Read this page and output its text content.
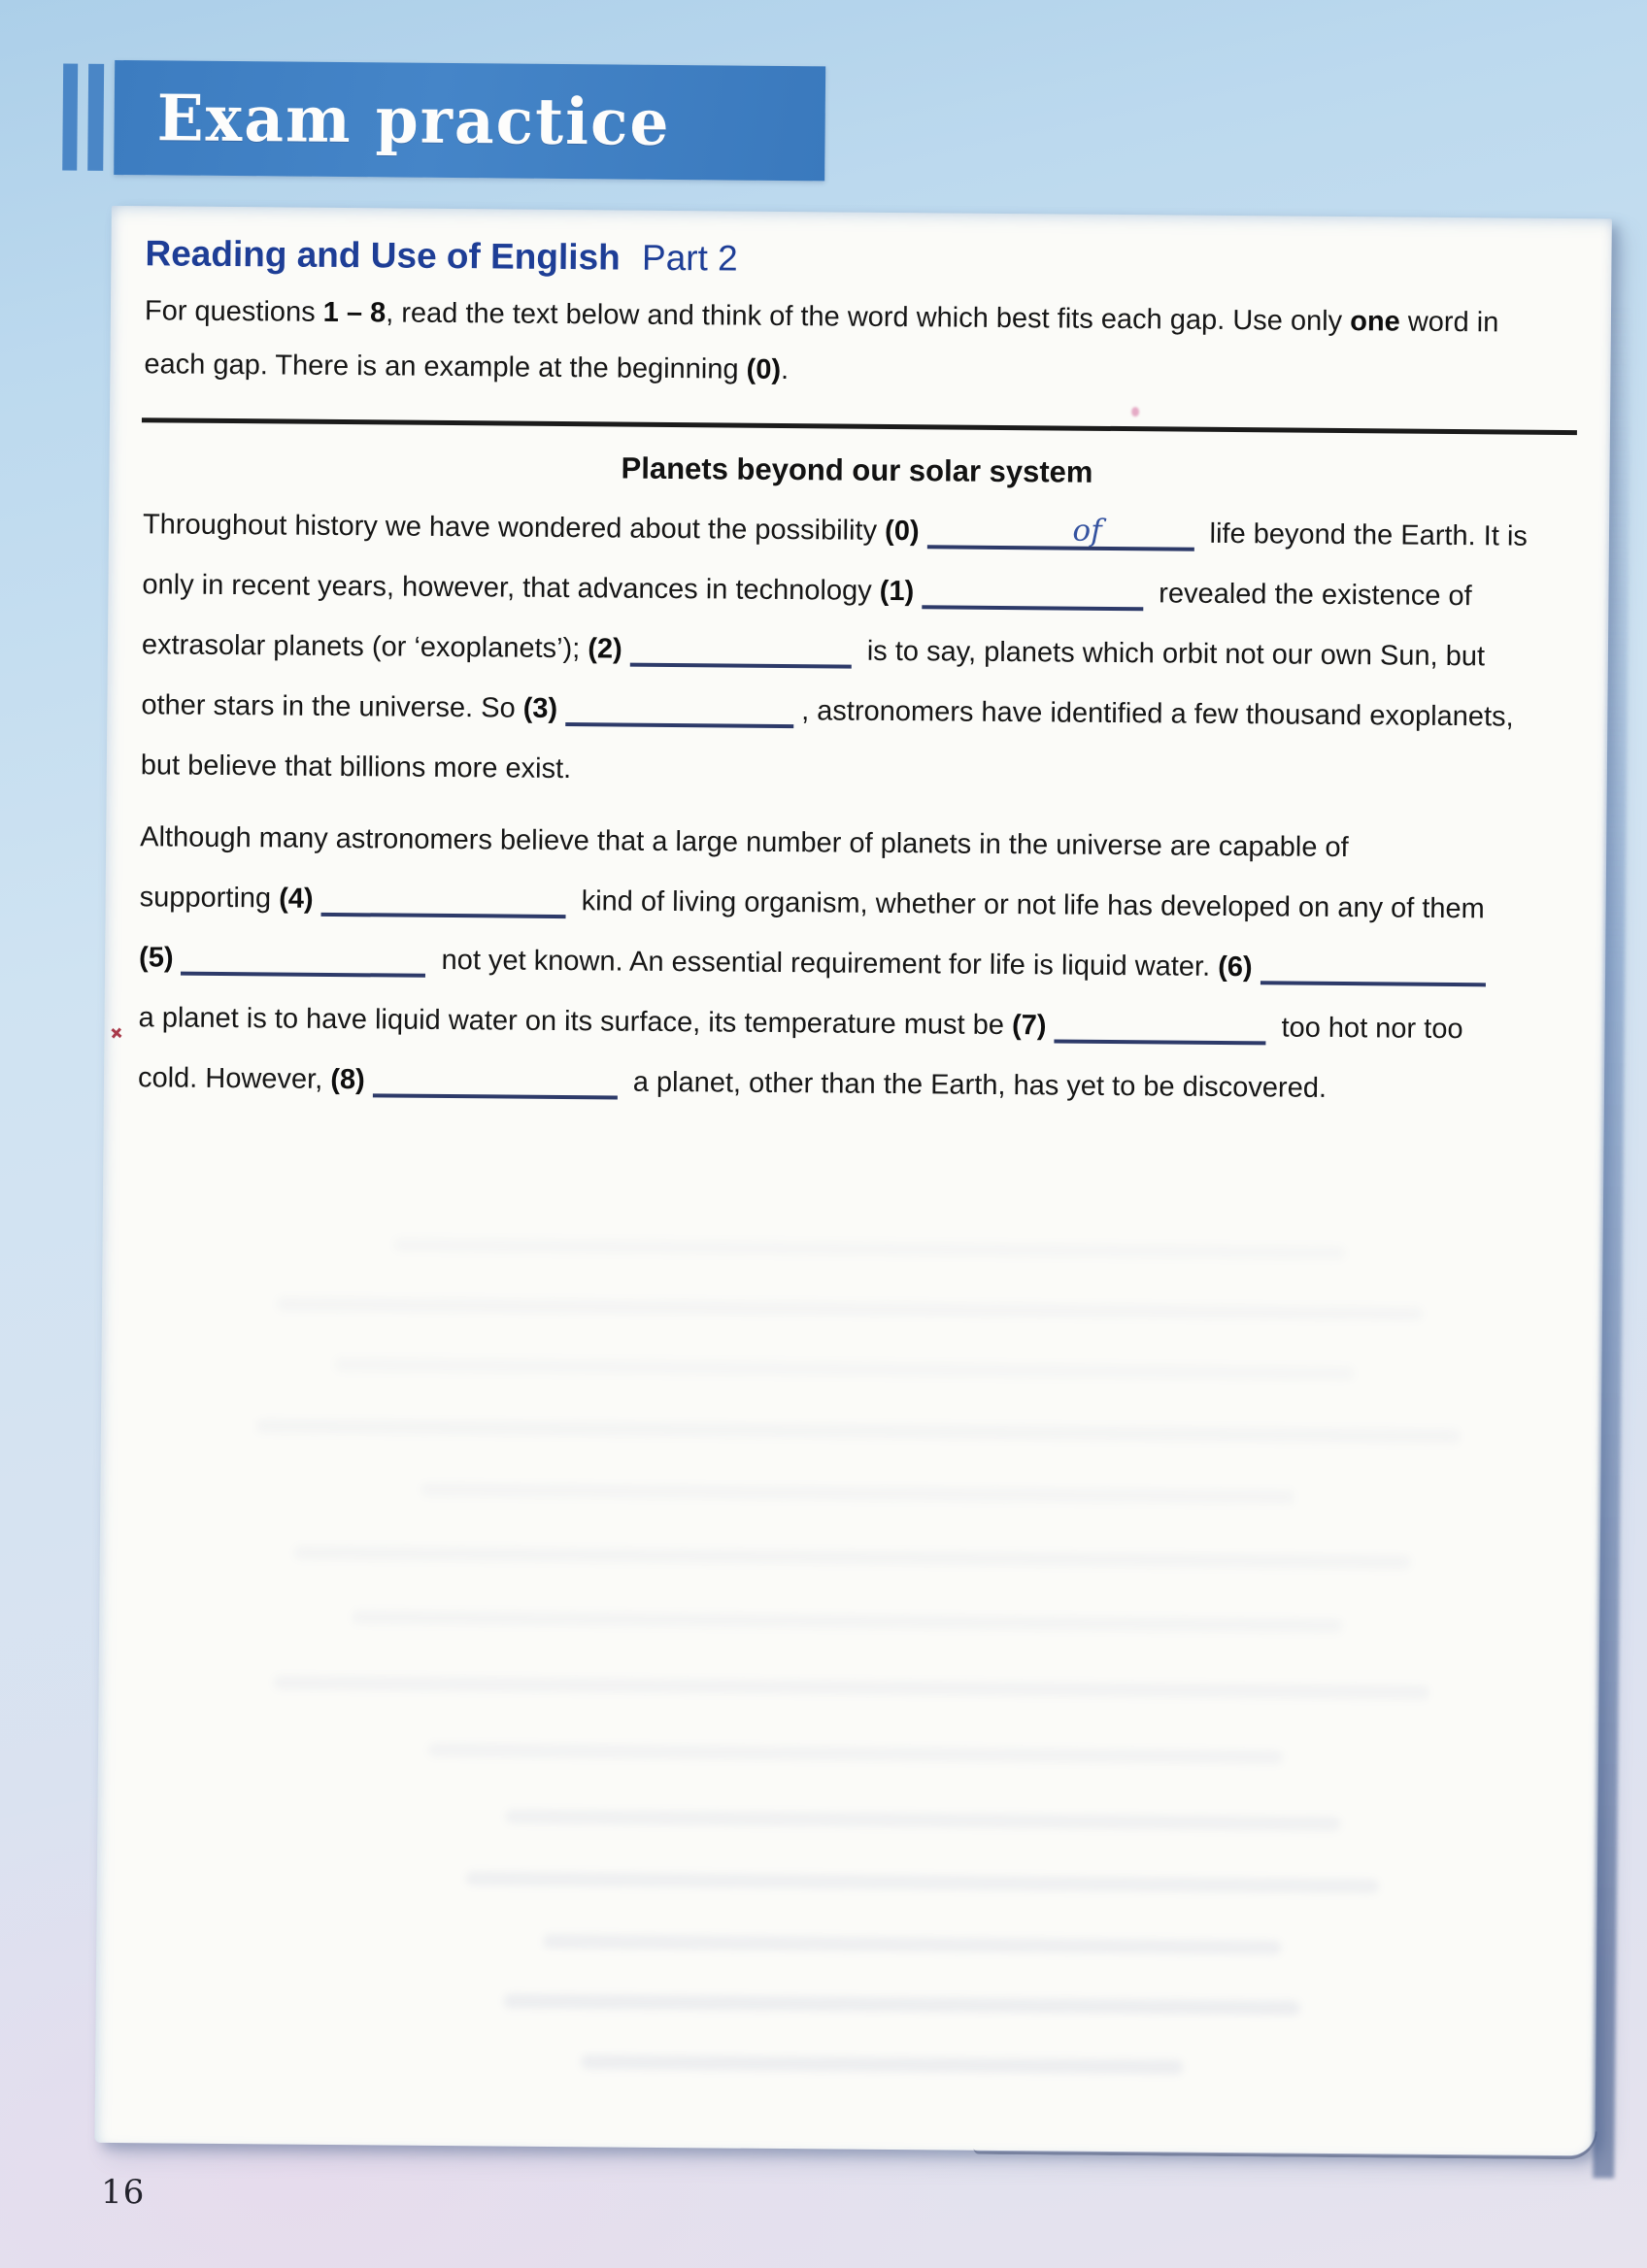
Exam practice
Reading and Use of English Part 2
For questions 1 – 8, read the text below and think of the word which best fits each gap. Use only one word in
each gap. There is an example at the beginning (0).
Planets beyond our solar system
Throughout history we have wondered about the possibility (0)	of	life beyond the Earth. It is
only in recent years, however, that advances in technology (1)	revealed the existence of
extrasolar planets (or ‘exoplanets’); (2)	is to say, planets which orbit not our own Sun, but
other stars in the universe. So (3)	, astronomers have identified a few thousand exoplanets,
but believe that billions more exist.
Although many astronomers believe that a large number of planets in the universe are capable of
supporting (4)	kind of living organism, whether or not life has developed on any of them
(5)	not yet known. An essential requirement for life is liquid water. (6)
a planet is to have liquid water on its surface, its temperature must be (7)	too hot nor too
cold. However, (8)	a planet, other than the Earth, has yet to be discovered.
16
